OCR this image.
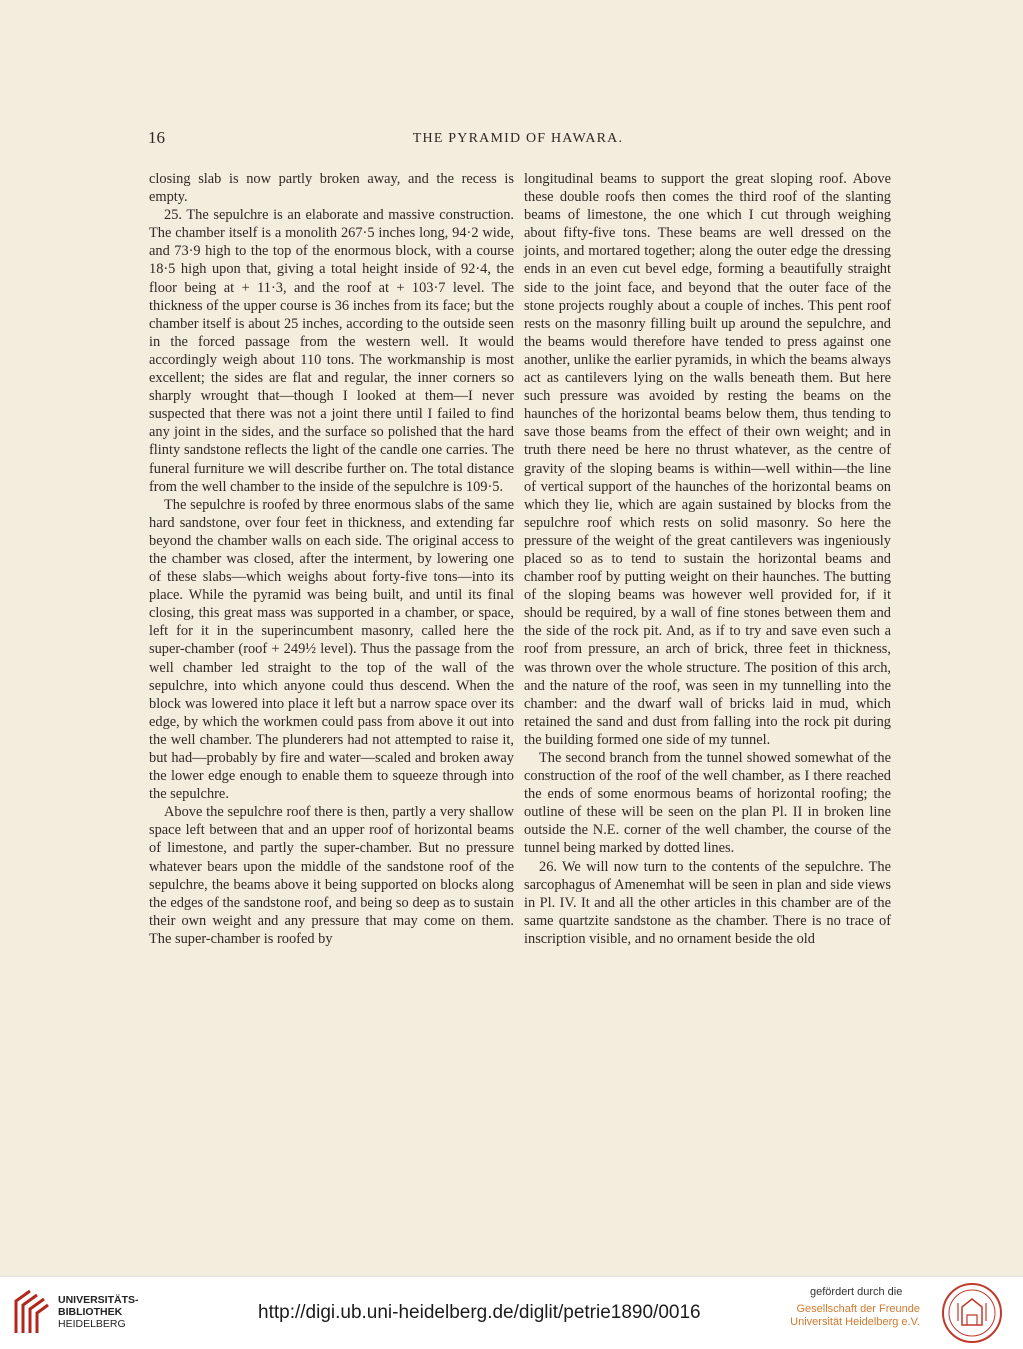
16	THE PYRAMID OF HAWARA.

closing slab is now partly broken away, and the recess is empty.

25. The sepulchre is an elaborate and massive construction. The chamber itself is a monolith 267·5 inches long, 94·2 wide, and 73·9 high to the top of the enormous block, with a course 18·5 high upon that, giving a total height inside of 92·4, the floor being at + 11·3, and the roof at + 103·7 level. The thickness of the upper course is 36 inches from its face; but the chamber itself is about 25 inches, according to the outside seen in the forced passage from the western well. It would accordingly weigh about 110 tons. The workmanship is most excellent; the sides are flat and regular, the inner corners so sharply wrought that—though I looked at them—I never suspected that there was not a joint there until I failed to find any joint in the sides, and the surface so polished that the hard flinty sandstone reflects the light of the candle one carries. The funeral furniture we will describe further on. The total distance from the well chamber to the inside of the sepulchre is 109·5.

The sepulchre is roofed by three enormous slabs of the same hard sandstone, over four feet in thickness, and extending far beyond the chamber walls on each side. The original access to the chamber was closed, after the interment, by lowering one of these slabs—which weighs about forty-five tons—into its place. While the pyramid was being built, and until its final closing, this great mass was supported in a chamber, or space, left for it in the superincumbent masonry, called here the super-chamber (roof + 249½ level). Thus the passage from the well chamber led straight to the top of the wall of the sepulchre, into which anyone could thus descend. When the block was lowered into place it left but a narrow space over its edge, by which the workmen could pass from above it out into the well chamber. The plunderers had not attempted to raise it, but had—probably by fire and water—scaled and broken away the lower edge enough to enable them to squeeze through into the sepulchre.

Above the sepulchre roof there is then, partly a very shallow space left between that and an upper roof of horizontal beams of limestone, and partly the super-chamber. But no pressure whatever bears upon the middle of the sandstone roof of the sepulchre, the beams above it being supported on blocks along the edges of the sandstone roof, and being so deep as to sustain their own weight and any pressure that may come on them. The super-chamber is roofed by

longitudinal beams to support the great sloping roof. Above these double roofs then comes the third roof of the slanting beams of limestone, the one which I cut through weighing about fifty-five tons. These beams are well dressed on the joints, and mortared together; along the outer edge the dressing ends in an even cut bevel edge, forming a beautifully straight side to the joint face, and beyond that the outer face of the stone projects roughly about a couple of inches. This pent roof rests on the masonry filling built up around the sepulchre, and the beams would therefore have tended to press against one another, unlike the earlier pyramids, in which the beams always act as cantilevers lying on the walls beneath them. But here such pressure was avoided by resting the beams on the haunches of the horizontal beams below them, thus tending to save those beams from the effect of their own weight; and in truth there need be here no thrust whatever, as the centre of gravity of the sloping beams is within—well within—the line of vertical support of the haunches of the horizontal beams on which they lie, which are again sustained by blocks from the sepulchre roof which rests on solid masonry. So here the pressure of the weight of the great cantilevers was ingeniously placed so as to tend to sustain the horizontal beams and chamber roof by putting weight on their haunches. The butting of the sloping beams was however well provided for, if it should be required, by a wall of fine stones between them and the side of the rock pit. And, as if to try and save even such a roof from pressure, an arch of brick, three feet in thickness, was thrown over the whole structure. The position of this arch, and the nature of the roof, was seen in my tunnelling into the chamber: and the dwarf wall of bricks laid in mud, which retained the sand and dust from falling into the rock pit during the building formed one side of my tunnel.

The second branch from the tunnel showed somewhat of the construction of the roof of the well chamber, as I there reached the ends of some enormous beams of horizontal roofing; the outline of these will be seen on the plan Pl. II in broken line outside the N.E. corner of the well chamber, the course of the tunnel being marked by dotted lines.

26. We will now turn to the contents of the sepulchre. The sarcophagus of Amenemhat will be seen in plan and side views in Pl. IV. It and all the other articles in this chamber are of the same quartzite sandstone as the chamber. There is no trace of inscription visible, and no ornament beside the old

UNIVERSITÄTS-
BIBLIOTHEK
HEIDELBERG
http://digi.ub.uni-heidelberg.de/diglit/petrie1890/0016
gefördert durch die
Gesellschaft der Freunde
Universität Heidelberg e.V.
